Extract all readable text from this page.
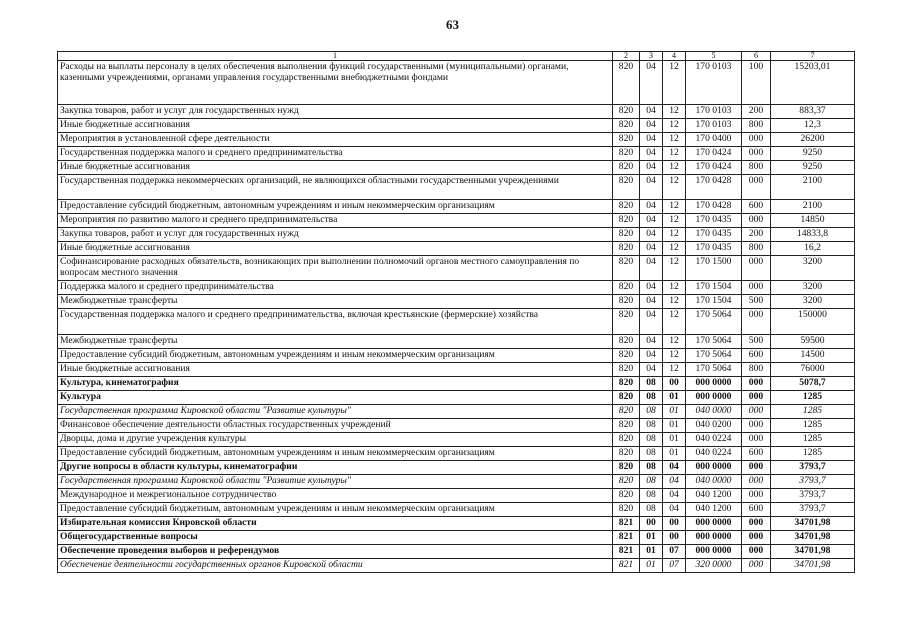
63
1	2	3	4	5	6	7
Расходы на выплаты персоналу в целях обеспечения выполнения функций государственными (муниципальными) органами, казенными учреждениями, органами управления государственными внебюджетными фондами	820	04	12	170 0103	100	15203,01
Закупка товаров, работ и услуг для государственных нужд	820	04	12	170 0103	200	883,37
Иные бюджетные ассигнования	820	04	12	170 0103	800	12,3
Мероприятия в установленной сфере деятельности	820	04	12	170 0400	000	26200
Государственная поддержка малого и среднего предпринимательства	820	04	12	170 0424	000	9250
Иные бюджетные ассигнования	820	04	12	170 0424	800	9250
Государственная поддержка некоммерческих организаций, не являющихся областными государственными учреждениями	820	04	12	170 0428	000	2100
Предоставление субсидий бюджетным, автономным учреждениям и иным некоммерческим организациям	820	04	12	170 0428	600	2100
Мероприятия по развитию малого и среднего предпринимательства	820	04	12	170 0435	000	14850
Закупка товаров, работ и услуг для государственных нужд	820	04	12	170 0435	200	14833,8
Иные бюджетные ассигнования	820	04	12	170 0435	800	16,2
Софинансирование расходных обязательств, возникающих при выполнении полномочий органов местного самоуправления по вопросам местного значения	820	04	12	170 1500	000	3200
Поддержка малого и среднего предпринимательства	820	04	12	170 1504	000	3200
Межбюджетные трансферты	820	04	12	170 1504	500	3200
Государственная поддержка малого и среднего предпринимательства, включая крестьянские (фермерские) хозяйства	820	04	12	170 5064	000	150000
Межбюджетные трансферты	820	04	12	170 5064	500	59500
Предоставление субсидий бюджетным, автономным учреждениям и иным некоммерческим организациям	820	04	12	170 5064	600	14500
Иные бюджетные ассигнования	820	04	12	170 5064	800	76000
Культура, кинематография	820	08	00	000 0000	000	5078,7
Культура	820	08	01	000 0000	000	1285
Государственная программа Кировской области "Развитие культуры"	820	08	01	040 0000	000	1285
Финансовое обеспечение деятельности областных государственных учреждений	820	08	01	040 0200	000	1285
Дворцы, дома и другие учреждения культуры	820	08	01	040 0224	000	1285
Предоставление субсидий бюджетным, автономным учреждениям и иным некоммерческим организациям	820	08	01	040 0224	600	1285
Другие вопросы в области культуры, кинематографии	820	08	04	000 0000	000	3793,7
Государственная программа Кировской области "Развитие культуры"	820	08	04	040 0000	000	3793,7
Международное и межрегиональное сотрудничество	820	08	04	040 1200	000	3793,7
Предоставление субсидий бюджетным, автономным учреждениям и иным некоммерческим организациям	820	08	04	040 1200	600	3793,7
Избирательная комиссия Кировской области	821	00	00	000 0000	000	34701,98
Общегосударственные вопросы	821	01	00	000 0000	000	34701,98
Обеспечение проведения выборов и референдумов	821	01	07	000 0000	000	34701,98
Обеспечение деятельности государственных органов Кировской области	821	01	07	320 0000	000	34701,98
